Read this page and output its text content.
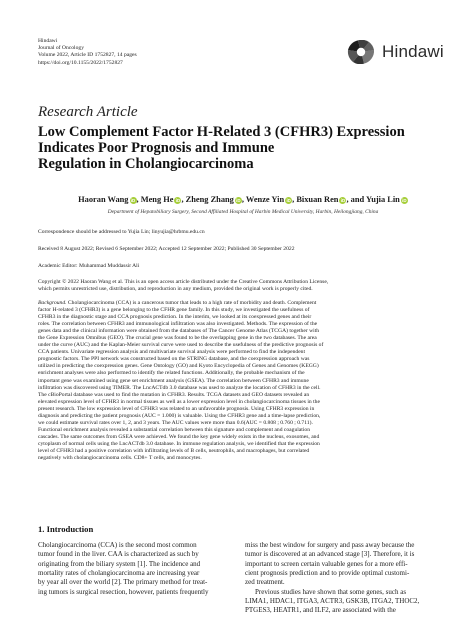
Hindawi
Journal of Oncology
Volume 2022, Article ID 1752827, 14 pages
https://doi.org/10.1155/2022/1752827
Hindawi
Research Article
Low Complement Factor H-Related 3 (CFHR3) Expression
Indicates Poor Prognosis and Immune
Regulation in Cholangiocarcinoma
Haoran Wang iD, Meng He iD, Zheng Zhang iD, Wenze Yin iD, Bixuan Ren iD, and Yujia Lin iD
Department of Hepatobiliary Surgery, Second Affiliated Hospital of Harbin Medical University, Harbin, Heilongjiang, China
Correspondence should be addressed to Yujia Lin; linyujia@hrbmu.edu.cn
Received 8 August 2022; Revised 6 September 2022; Accepted 12 September 2022; Published 30 September 2022
Academic Editor: Muhammad Muddassir Ali
Copyright © 2022 Haoran Wang et al. This is an open access article distributed under the Creative Commons Attribution License,
which permits unrestricted use, distribution, and reproduction in any medium, provided the original work is properly cited.
Background. Cholangiocarcinoma (CCA) is a cancerous tumor that leads to a high rate of morbidity and death. Complement
factor H-related 3 (CFHR3) is a gene belonging to the CFHR gene family. In this study, we investigated the usefulness of
CFHR3 in the diagnostic stage and CCA prognosis prediction. In the interim, we looked at its coexpressed genes and their
roles. The correlation between CFHR3 and immunological infiltration was also investigated. Methods. The expression of the
genes data and the clinical information were obtained from the databases of The Cancer Genome Atlas (TCGA) together with
the Gene Expression Omnibus (GEO). The crucial gene was found to be the overlapping gene in the two databases. The area
under the curve (AUC) and the Kaplan-Meier survival curve were used to describe the usefulness of the predictive prognosis of
CCA patients. Univariate regression analysis and multivariate survival analysis were performed to find the independent
prognostic factors. The PPI network was constructed based on the STRING database, and the coexpression approach was
utilized in predicting the coexpression genes. Gene Ontology (GO) and Kyoto Encyclopedia of Genes and Genomes (KEGG)
enrichment analyses were also performed to identify the related functions. Additionally, the probable mechanism of the
important gene was examined using gene set enrichment analysis (GSEA). The correlation between CFHR3 and immune
infiltration was discovered using TIMER. The LncACTdb 3.0 database was used to analyze the location of CFHR3 in the cell.
The cBioPortal database was used to find the mutation in CFHR3. Results. TCGA datasets and GEO datasets revealed an
elevated expression level of CFHR3 in normal tissues as well as a lower expression level in cholangiocarcinoma tissues in the
present research. The low expression level of CFHR3 was related to an unfavorable prognosis. Using CFHR3 expression in
diagnosis and predicting the patient prognosis (AUC = 1.000) is valuable. Using the CFHR3 gene and a time-lapse prediction,
we could estimate survival rates over 1, 2, and 3 years. The AUC values were more than 0.6(AUC = 0.808 ; 0.760 ; 0.711).
Functional enrichment analysis revealed a substantial correlation between this signature and complement and coagulation
cascades. The same outcomes from GSEA were achieved. We found the key gene widely exists in the nucleus, exosomes, and
cytoplasm of normal cells using the LncACTdb 3.0 database. In immune regulation analysis, we identified that the expression
level of CFHR3 had a positive correlation with infiltrating levels of B cells, neutrophils, and macrophages, but correlated
negatively with cholangiocarcinoma cells. CD8+ T cells, and monocytes.
1. Introduction
Cholangiocarcinoma (CCA) is the second most common
tumor found in the liver. CAA is characterized as such by
originating from the biliary system [1]. The incidence and
mortality rates of cholangiocarcinoma are increasing year
by year all over the world [2]. The primary method for treat-
ing tumors is surgical resection, however, patients frequently
miss the best window for surgery and pass away because the
tumor is discovered at an advanced stage [3]. Therefore, it is
important to screen certain valuable genes for a more effi-
cient prognosis prediction and to provide optimal customi-
zed treatment.
Previous studies have shown that some genes, such as
LIMA1, HDAC1, ITGA3, ACTR3, GSK3B, ITGA2, THOC2,
PTGES3, HEATR1, and ILF2, are associated with the
